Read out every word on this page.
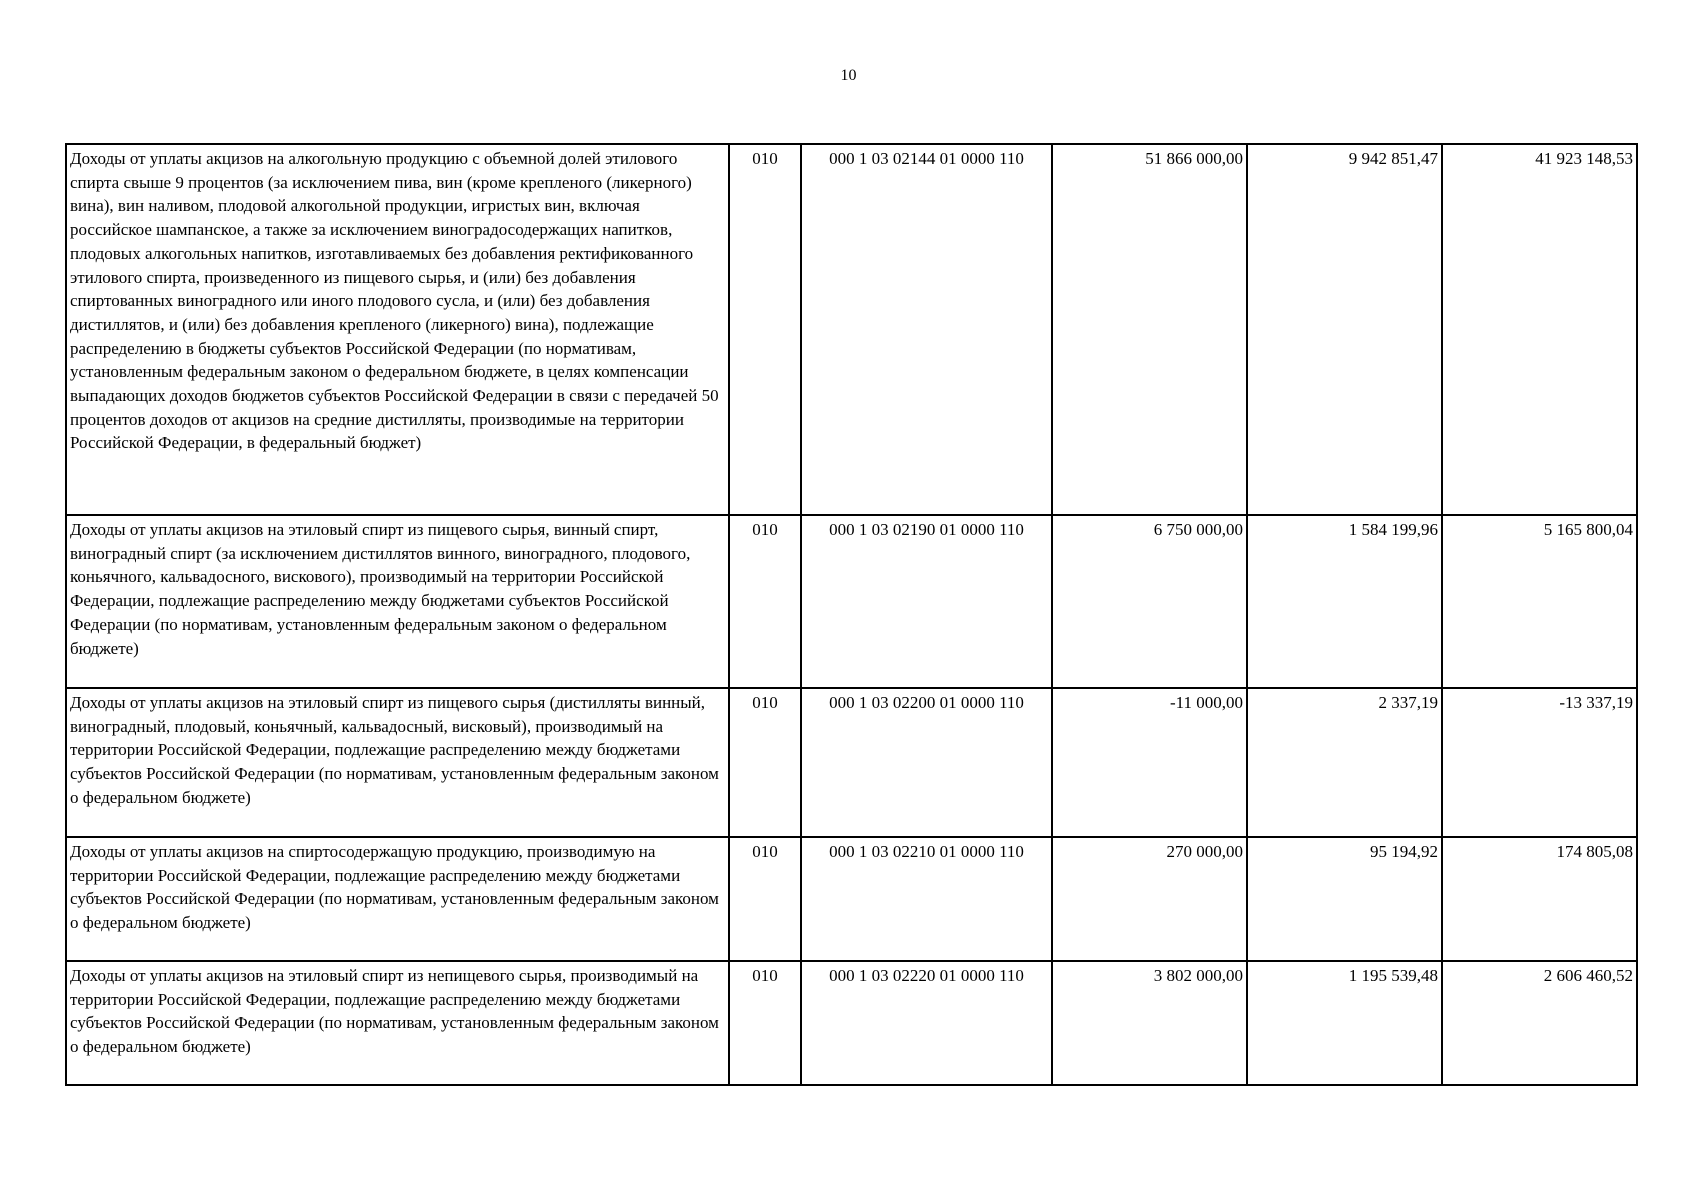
10
Доходы от уплаты акцизов на алкогольную продукцию с объемной долей этилового спирта свыше 9 процентов (за исключением пива, вин (кроме крепленого (ликерного) вина), вин наливом, плодовой алкогольной продукции, игристых вин, включая российское шампанское, а также за исключением виноградосодержащих напитков, плодовых алкогольных напитков, изготавливаемых без добавления ректификованного этилового спирта, произведенного из пищевого сырья, и (или) без добавления спиртованных виноградного или иного плодового сусла, и (или) без добавления дистиллятов, и (или) без добавления крепленого (ликерного) вина), подлежащие распределению в бюджеты субъектов Российской Федерации (по нормативам, установленным федеральным законом о федеральном бюджете, в целях компенсации выпадающих доходов бюджетов субъектов Российской Федерации в связи с передачей 50 процентов доходов от акцизов на средние дистилляты, производимые на территории Российской Федерации, в федеральный бюджет)	010	000 1 03 02144 01 0000 110	51 866 000,00	9 942 851,47	41 923 148,53
Доходы от уплаты акцизов на этиловый спирт из пищевого сырья, винный спирт, виноградный спирт (за исключением дистиллятов винного, виноградного, плодового, коньячного, кальвадосного, вискового), производимый на территории Российской Федерации, подлежащие распределению между бюджетами субъектов Российской Федерации (по нормативам, установленным федеральным законом о федеральном бюджете)	010	000 1 03 02190 01 0000 110	6 750 000,00	1 584 199,96	5 165 800,04
Доходы от уплаты акцизов на этиловый спирт из пищевого сырья (дистилляты винный, виноградный, плодовый, коньячный, кальвадосный, висковый), производимый на территории Российской Федерации, подлежащие распределению между бюджетами субъектов Российской Федерации (по нормативам, установленным федеральным законом о федеральном бюджете)	010	000 1 03 02200 01 0000 110	-11 000,00	2 337,19	-13 337,19
Доходы от уплаты акцизов на спиртосодержащую продукцию, производимую на территории Российской Федерации, подлежащие распределению между бюджетами субъектов Российской Федерации (по нормативам, установленным федеральным законом о федеральном бюджете)	010	000 1 03 02210 01 0000 110	270 000,00	95 194,92	174 805,08
Доходы от уплаты акцизов на этиловый спирт из непищевого сырья, производимый на территории Российской Федерации, подлежащие распределению между бюджетами субъектов Российской Федерации (по нормативам, установленным федеральным законом о федеральном бюджете)	010	000 1 03 02220 01 0000 110	3 802 000,00	1 195 539,48	2 606 460,52
